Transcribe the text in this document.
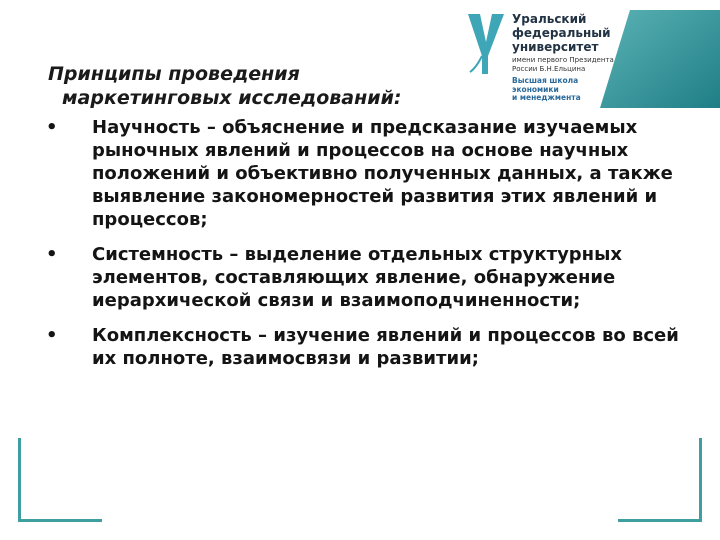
Уральский
федеральный
университет
имени первого Президента
России Б.Н.Ельцина
Высшая школа
экономики
и менеджмента
Принципы проведения
маркетинговых исследований:
• Научность – объяснение и предсказание изучаемых рыночных явлений и процессов на основе научных положений и объективно полученных данных, а также выявление закономерностей развития этих явлений и процессов;
• Системность – выделение отдельных структурных элементов, составляющих явление, обнаружение иерархической связи и взаимоподчиненности;
• Комплексность – изучение явлений и процессов во всей их полноте, взаимосвязи и развитии;
